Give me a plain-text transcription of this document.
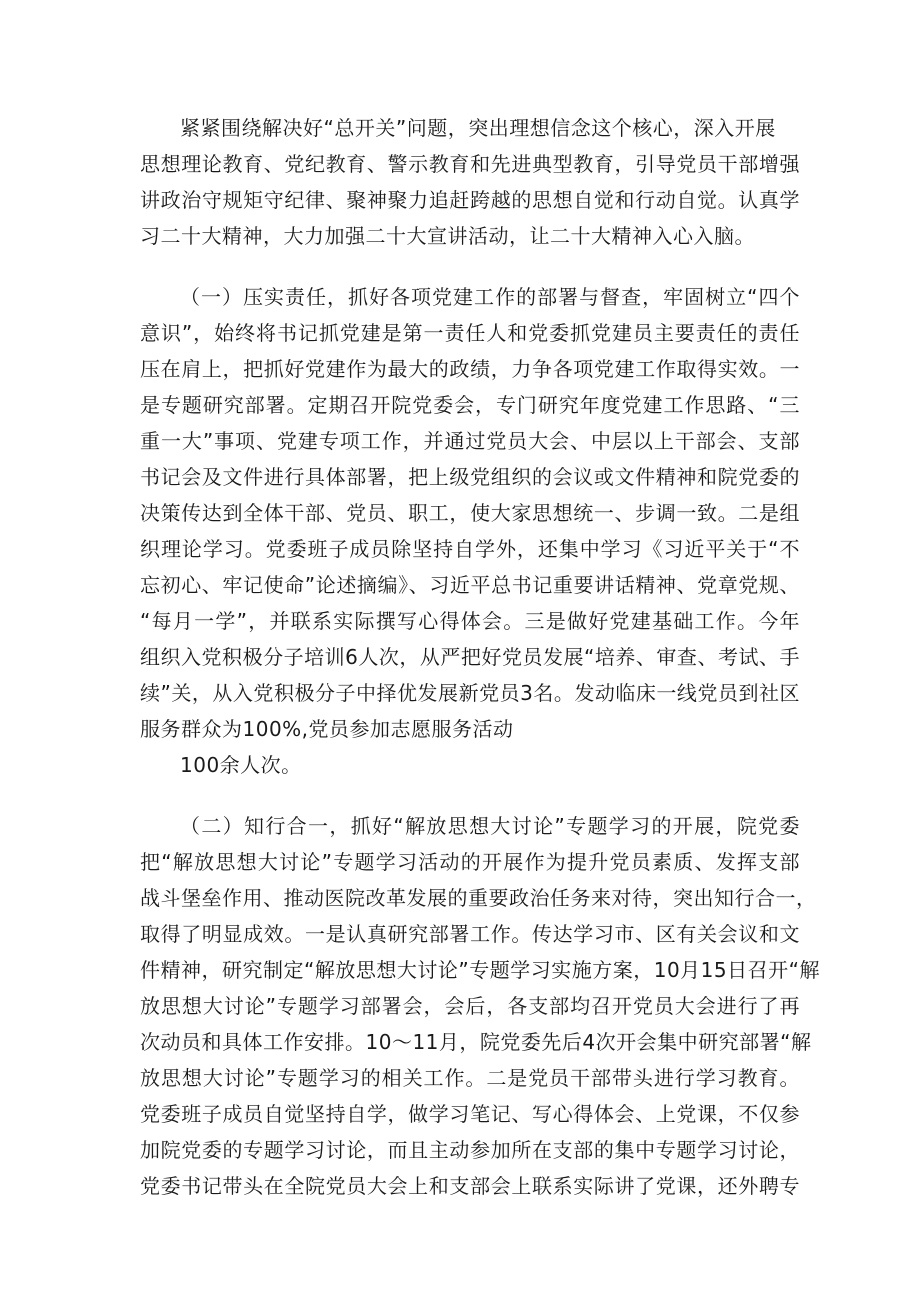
紧紧围绕解决好“总开关”问题，突出理想信念这个核心，深入开展
思想理论教育、党纪教育、警示教育和先进典型教育，引导党员干部增强
讲政治守规矩守纪律、聚神聚力追赶跨越的思想自觉和行动自觉。认真学
习二十大精神，大力加强二十大宣讲活动，让二十大精神入心入脑。
（一）压实责任，抓好各项党建工作的部署与督查，牢固树立“四个
意识”，始终将书记抓党建是第一责任人和党委抓党建员主要责任的责任
压在肩上，把抓好党建作为最大的政绩，力争各项党建工作取得实效。一
是专题研究部署。定期召开院党委会，专门研究年度党建工作思路、“三
重一大”事项、党建专项工作，并通过党员大会、中层以上干部会、支部
书记会及文件进行具体部署，把上级党组织的会议或文件精神和院党委的
决策传达到全体干部、党员、职工，使大家思想统一、步调一致。二是组
织理论学习。党委班子成员除坚持自学外，还集中学习《习近平关于“不
忘初心、牢记使命”论述摘编》、习近平总书记重要讲话精神、党章党规、
“每月一学”，并联系实际撰写心得体会。三是做好党建基础工作。今年
组织入党积极分子培训6人次，从严把好党员发展“培养、审查、考试、手
续”关，从入党积极分子中择优发展新党员3名。发动临床一线党员到社区
服务群众为100%,党员参加志愿服务活动
100余人次。
（二）知行合一，抓好“解放思想大讨论”专题学习的开展，院党委
把“解放思想大讨论”专题学习活动的开展作为提升党员素质、发挥支部
战斗堡垒作用、推动医院改革发展的重要政治任务来对待，突出知行合一，
取得了明显成效。一是认真研究部署工作。传达学习市、区有关会议和文
件精神，研究制定“解放思想大讨论”专题学习实施方案，10月15日召开“解
放思想大讨论”专题学习部署会，会后，各支部均召开党员大会进行了再
次动员和具体工作安排。10～11月，院党委先后4次开会集中研究部署“解
放思想大讨论”专题学习的相关工作。二是党员干部带头进行学习教育。
党委班子成员自觉坚持自学，做学习笔记、写心得体会、上党课，不仅参
加院党委的专题学习讨论，而且主动参加所在支部的集中专题学习讨论，
党委书记带头在全院党员大会上和支部会上联系实际讲了党课，还外聘专
